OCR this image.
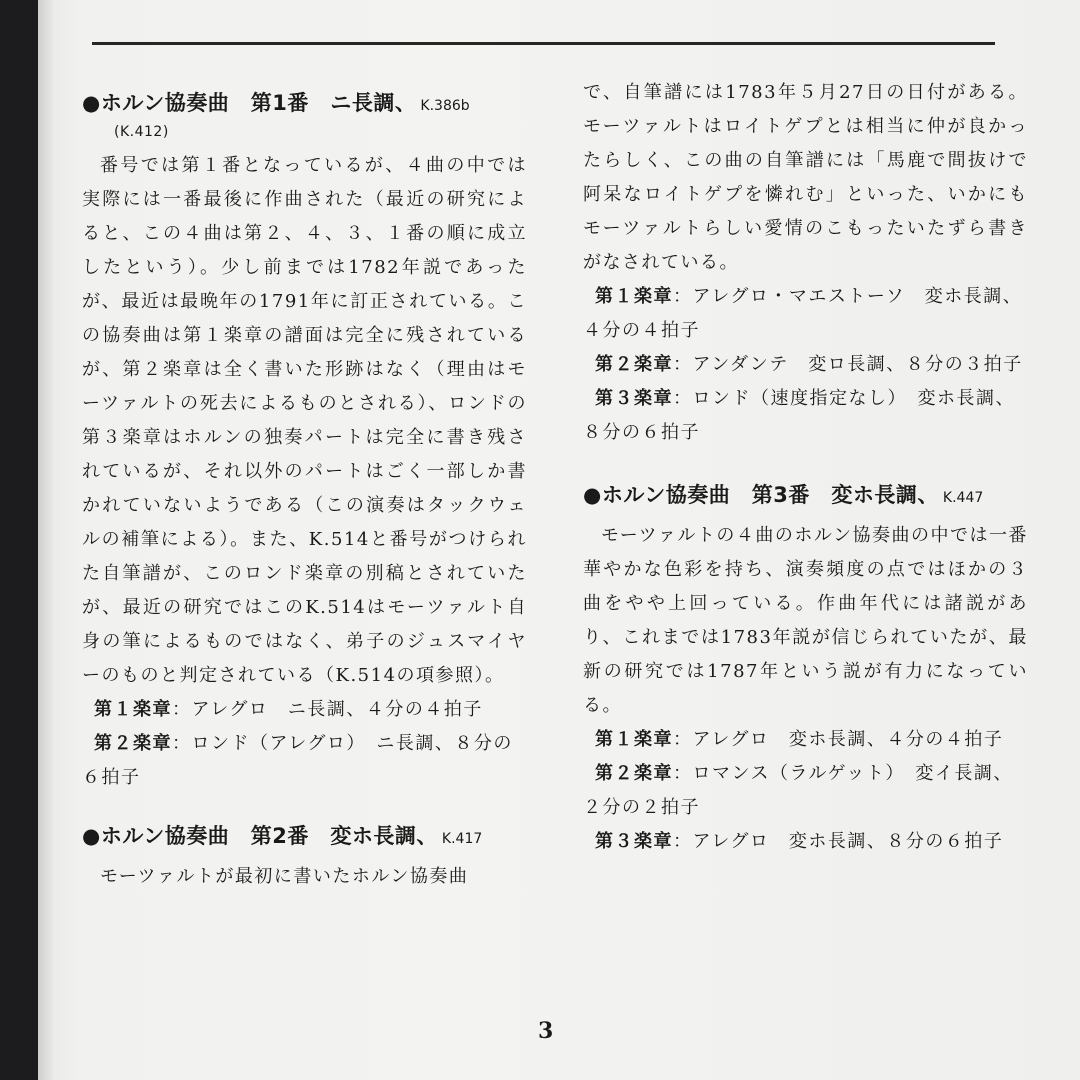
●ホルン協奏曲　第1番　ニ長調、 K.386b
(K.412)

番号では第１番となっているが、４曲の中では実際には一番最後に作曲された（最近の研究によると、この４曲は第２、４、３、１番の順に成立したという）。少し前までは1782年説であったが、最近は最晩年の1791年に訂正されている。この協奏曲は第１楽章の譜面は完全に残されているが、第２楽章は全く書いた形跡はなく（理由はモーツァルトの死去によるものとされる）、ロンドの第３楽章はホルンの独奏パートは完全に書き残されているが、それ以外のパートはごく一部しか書かれていないようである（この演奏はタックウェルの補筆による）。また、K.514と番号がつけられた自筆譜が、このロンド楽章の別稿とされていたが、最近の研究ではこのK.514はモーツァルト自身の筆によるものではなく、弟子のジュスマイヤーのものと判定されている（K.514の項参照）。

第１楽章：アレグロ　ニ長調、４分の４拍子

第２楽章：ロンド（アレグロ）　ニ長調、８分の６拍子

●ホルン協奏曲　第2番　変ホ長調、 K.417

モーツァルトが最初に書いたホルン協奏曲

で、自筆譜には1783年５月27日の日付がある。モーツァルトはロイトゲプとは相当に仲が良かったらしく、この曲の自筆譜には「馬鹿で間抜けで阿呆なロイトゲプを憐れむ」といった、いかにもモーツァルトらしい愛情のこもったいたずら書きがなされている。

第１楽章：アレグロ・マエストーソ　変ホ長調、４分の４拍子

第２楽章：アンダンテ　変ロ長調、８分の３拍子

第３楽章：ロンド（速度指定なし）　変ホ長調、８分の６拍子

●ホルン協奏曲　第3番　変ホ長調、 K.447

モーツァルトの４曲のホルン協奏曲の中では一番華やかな色彩を持ち、演奏頻度の点ではほかの３曲をやや上回っている。作曲年代には諸説があり、これまでは1783年説が信じられていたが、最新の研究では1787年という説が有力になっている。

第１楽章：アレグロ　変ホ長調、４分の４拍子

第２楽章：ロマンス（ラルゲット）　変イ長調、２分の２拍子

第３楽章：アレグロ　変ホ長調、８分の６拍子

3
